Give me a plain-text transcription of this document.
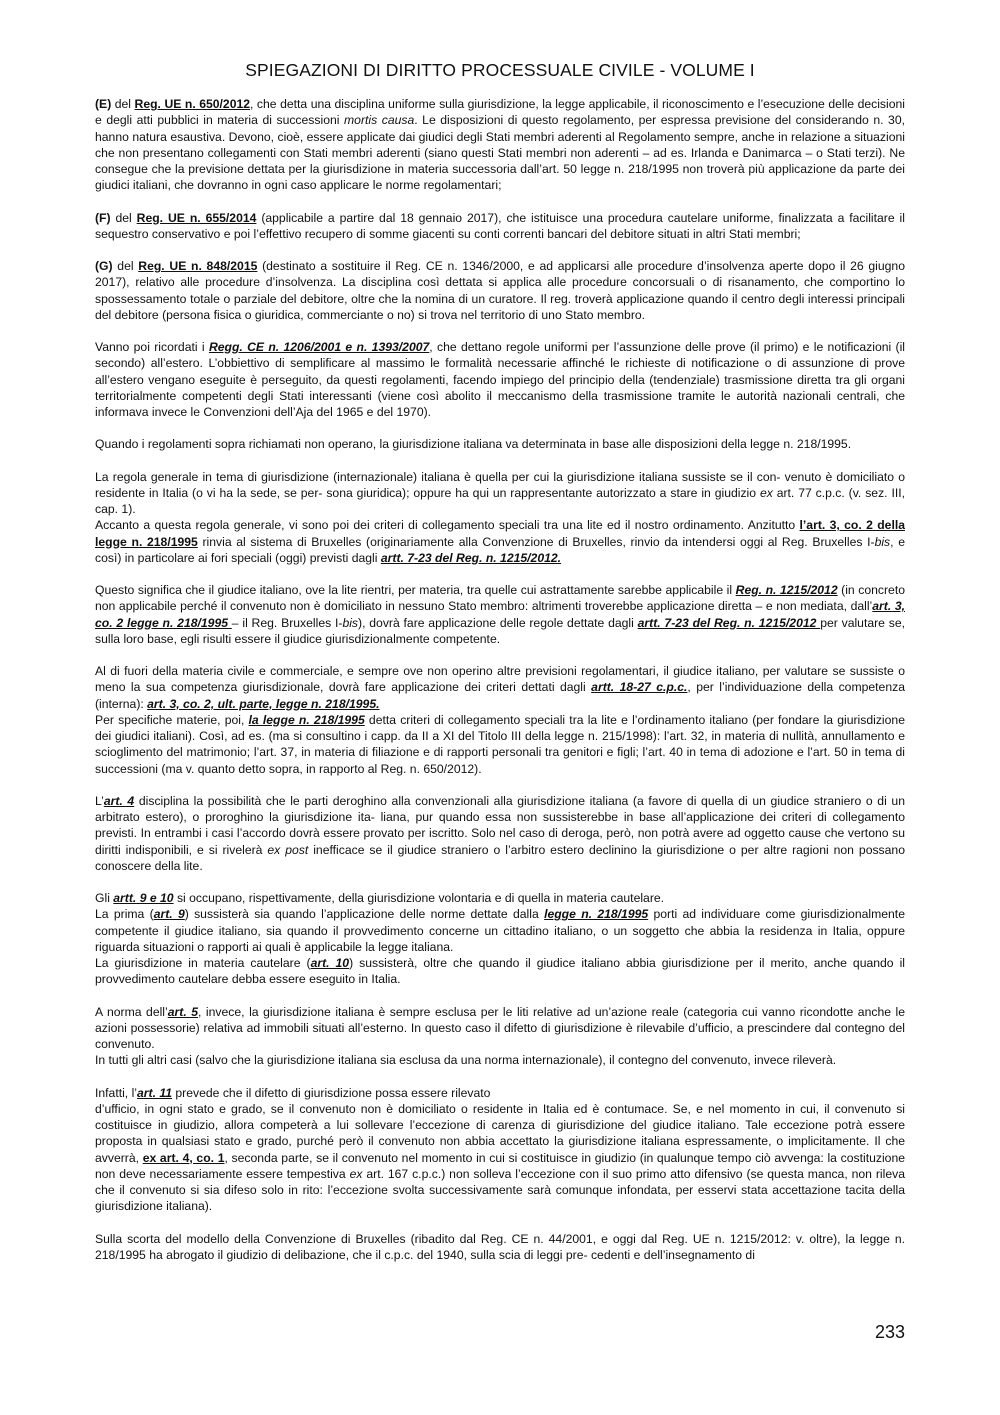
SPIEGAZIONI DI DIRITTO PROCESSUALE CIVILE - VOLUME I

(E) del Reg. UE n. 650/2012, che detta una disciplina uniforme sulla giurisdizione, la legge applicabile, il riconoscimento e l’esecuzione delle decisioni e degli atti pubblici in materia di successioni mortis causa. Le disposizioni di questo regolamento, per espressa previsione del considerando n. 30, hanno natura esaustiva. Devono, cioè, essere applicate dai giudici degli Stati membri aderenti al Regolamento sempre, anche in relazione a situazioni che non presentano collegamenti con Stati membri aderenti (siano questi Stati membri non aderenti – ad es. Irlanda e Danimarca – o Stati terzi). Ne consegue che la previsione dettata per la giurisdizione in materia successoria dall’art. 50 legge n. 218/1995 non troverà più applicazione da parte dei giudici italiani, che dovranno in ogni caso applicare le norme regolamentari;

(F) del Reg. UE n. 655/2014 (applicabile a partire dal 18 gennaio 2017), che istituisce una procedura cautelare uniforme, finalizzata a facilitare il sequestro conservativo e poi l’effettivo recupero di somme giacenti su conti correnti bancari del debitore situati in altri Stati membri;

(G) del Reg. UE n. 848/2015 (destinato a sostituire il Reg. CE n. 1346/2000, e ad applicarsi alle procedure d’insolvenza aperte dopo il 26 giugno 2017), relativo alle procedure d’insolvenza. La disciplina così dettata si applica alle procedure concorsuali o di risanamento, che comportino lo spossessamento totale o parziale del debitore, oltre che la nomina di un curatore. Il reg. troverà applicazione quando il centro degli interessi principali del debitore (persona fisica o giuridica, commerciante o no) si trova nel territorio di uno Stato membro.

Vanno poi ricordati i Regg. CE n. 1206/2001 e n. 1393/2007, che dettano regole uniformi per l’assunzione delle prove (il primo) e le notificazioni (il secondo) all’estero. L’obbiettivo di semplificare al massimo le formalità necessarie affinché le richieste di notificazione o di assunzione di prove all’estero vengano eseguite è perseguito, da questi regolamenti, facendo impiego del principio della (tendenziale) trasmissione diretta tra gli organi territorialmente competenti degli Stati interessanti (viene così abolito il meccanismo della trasmissione tramite le autorità nazionali centrali, che informava invece le Convenzioni dell’Aja del 1965 e del 1970).

Quando i regolamenti sopra richiamati non operano, la giurisdizione italiana va determinata in base alle disposizioni della legge n. 218/1995.

La regola generale in tema di giurisdizione (internazionale) italiana è quella per cui la giurisdizione italiana sussiste se il con- venuto è domiciliato o residente in Italia (o vi ha la sede, se per- sona giuridica); oppure ha qui un rappresentante autorizzato a stare in giudizio ex art. 77 c.p.c. (v. sez. III, cap. 1).

Accanto a questa regola generale, vi sono poi dei criteri di collegamento speciali tra una lite ed il nostro ordinamento. Anzitutto l’art. 3, co. 2 della legge n. 218/1995 rinvia al sistema di Bruxelles (originariamente alla Convenzione di Bruxelles, rinvio da intendersi oggi al Reg. Bruxelles I-bis, e così) in particolare ai fori speciali (oggi) previsti dagli artt. 7-23 del Reg. n. 1215/2012.

Questo significa che il giudice italiano, ove la lite rientri, per materia, tra quelle cui astrattamente sarebbe applicabile il Reg. n. 1215/2012 (in concreto non applicabile perché il convenuto non è domiciliato in nessuno Stato membro: altrimenti troverebbe applicazione diretta – e non mediata, dall’art. 3, co. 2 legge n. 218/1995 – il Reg. Bruxelles I-bis), dovrà fare applicazione delle regole dettate dagli artt. 7-23 del Reg. n. 1215/2012 per valutare se, sulla loro base, egli risulti essere il giudice giurisdizionalmente competente.

Al di fuori della materia civile e commerciale, e sempre ove non operino altre previsioni regolamentari, il giudice italiano, per valutare se sussiste o meno la sua competenza giurisdizionale, dovrà fare applicazione dei criteri dettati dagli artt. 18-27 c.p.c., per l’individuazione della competenza (interna): art. 3, co. 2, ult. parte, legge n. 218/1995.

Per specifiche materie, poi, la legge n. 218/1995 detta criteri di collegamento speciali tra la lite e l’ordinamento italiano (per fondare la giurisdizione dei giudici italiani). Così, ad es. (ma si consultino i capp. da II a XI del Titolo III della legge n. 215/1998): l’art. 32, in materia di nullità, annullamento e scioglimento del matrimonio; l’art. 37, in materia di filiazione e di rapporti personali tra genitori e figli; l’art. 40 in tema di adozione e l’art. 50 in tema di successioni (ma v. quanto detto sopra, in rapporto al Reg. n. 650/2012).

L’art. 4 disciplina la possibilità che le parti deroghino alla convenzionali alla giurisdizione italiana (a favore di quella di un giudice straniero o di un arbitrato estero), o proroghino la giurisdizione ita- liana, pur quando essa non sussisterebbe in base all’applicazione dei criteri di collegamento previsti. In entrambi i casi l’accordo dovrà essere provato per iscritto. Solo nel caso di deroga, però, non potrà avere ad oggetto cause che vertono su diritti indisponibili, e si rivelerà ex post inefficace se il giudice straniero o l’arbitro estero declinino la giurisdizione o per altre ragioni non possano conoscere della lite.

Gli artt. 9 e 10 si occupano, rispettivamente, della giurisdizione volontaria e di quella in materia cautelare.

La prima (art. 9) sussisterà sia quando l’applicazione delle norme dettate dalla legge n. 218/1995 porti ad individuare come giurisdizionalmente competente il giudice italiano, sia quando il provvedimento concerne un cittadino italiano, o un soggetto che abbia la residenza in Italia, oppure riguarda situazioni o rapporti ai quali è applicabile la legge italiana.

La giurisdizione in materia cautelare (art. 10) sussisterà, oltre che quando il giudice italiano abbia giurisdizione per il merito, anche quando il provvedimento cautelare debba essere eseguito in Italia.

A norma dell’art. 5, invece, la giurisdizione italiana è sempre esclusa per le liti relative ad un’azione reale (categoria cui vanno ricondotte anche le azioni possessorie) relativa ad immobili situati all’esterno. In questo caso il difetto di giurisdizione è rilevabile d’ufficio, a prescindere dal contegno del convenuto.

In tutti gli altri casi (salvo che la giurisdizione italiana sia esclusa da una norma internazionale), il contegno del convenuto, invece rileverà.

Infatti, l’art. 11 prevede che il difetto di giurisdizione possa essere rilevato

d’ufficio, in ogni stato e grado, se il convenuto non è domiciliato o residente in Italia ed è contumace. Se, e nel momento in cui, il convenuto si costituisce in giudizio, allora competerà a lui sollevare l’eccezione di carenza di giurisdizione del giudice italiano. Tale eccezione potrà essere proposta in qualsiasi stato e grado, purché però il convenuto non abbia accettato la giurisdizione italiana espressamente, o implicitamente. Il che avverrà, ex art. 4, co. 1, seconda parte, se il convenuto nel momento in cui si costituisce in giudizio (in qualunque tempo ciò avvenga: la costituzione non deve necessariamente essere tempestiva ex art. 167 c.p.c.) non solleva l’eccezione con il suo primo atto difensivo (se questa manca, non rileva che il convenuto si sia difeso solo in rito: l’eccezione svolta successivamente sarà comunque infondata, per esservi stata accettazione tacita della giurisdizione italiana).

Sulla scorta del modello della Convenzione di Bruxelles (ribadito dal Reg. CE n. 44/2001, e oggi dal Reg. UE n. 1215/2012: v. oltre), la legge n. 218/1995 ha abrogato il giudizio di delibazione, che il c.p.c. del 1940, sulla scia di leggi pre- cedenti e dell’insegnamento di

233
